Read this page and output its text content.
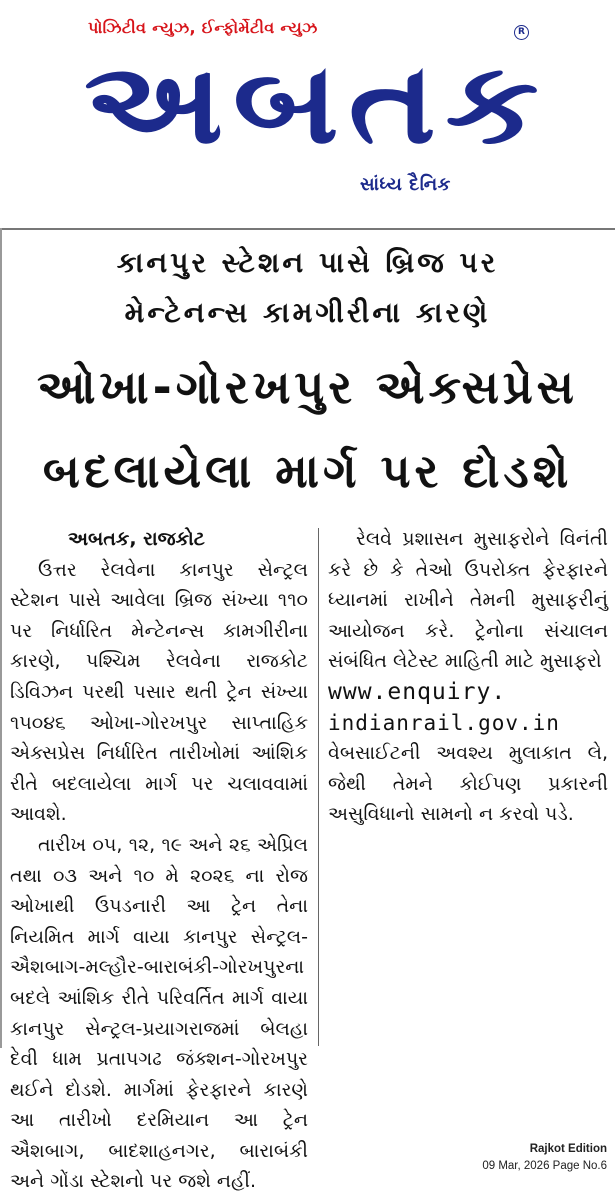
પોઝિટીવ ન્યુઝ, ઈન્ફોર્મેટીવ ન્યુઝ	R
અબતક
સાંધ્ય દૈનિક
કાનપુર સ્ટેશન પાસે બ્રિજ પર
મેન્ટેનન્સ કામગીરીના કારણે
ઓખા-ગોરખપુર એક્સપ્રેસ
બદલાયેલા માર્ગ પર દોડશે

અબતક, રાજકોટ

ઉત્તર રેલવેના કાનપુર સેન્ટ્રલ સ્ટેશન પાસે આવેલા બ્રિજ સંખ્યા ૧૧૦ પર નિર્ધારિત મેન્ટેનન્સ કામગીરીના કારણે, પશ્ચિમ રેલવેના રાજકોટ ડિવિઝન પરથી પસાર થતી ટ્રેન સંખ્યા ૧૫૦૪૬ ઓખા-ગોરખપુર સાપ્તાહિક એક્સપ્રેસ નિર્ધારિત તારીખોમાં આંશિક રીતે બદલાયેલા માર્ગ પર ચલાવવામાં આવશે.

તારીખ ૦૫, ૧૨, ૧૯ અને ૨૬ એપ્રિલ તથા ૦૩ અને ૧૦ મે ૨૦૨૬ ના રોજ ઓખાથી ઉપડનારી આ ટ્રેન તેના નિયમિત માર્ગ વાયા કાનપુર સેન્ટ્રલ-ઐશબાગ-મલ્હૌર-બારાબંકી-ગોરખપુરના બદલે આંશિક રીતે પરિવર્તિત માર્ગ વાયા કાનપુર સેન્ટ્રલ-પ્રયાગરાજમાં બેલહા દેવી ધામ પ્રતાપગઢ જંક્શન-ગોરખપુર થઈને દોડશે. માર્ગમાં ફેરફારને કારણે આ તારીખો દરમિયાન આ ટ્રેન ઐશબાગ, બાદશાહનગર, બારાબંકી અને ગોંડા સ્ટેશનો પર જશે નહીં.

રેલવે પ્રશાસન મુસાફરોને વિનંતી કરે છે કે તેઓ ઉપરોક્ત ફેરફારને ધ્યાનમાં રાખીને તેમની મુસાફરીનું આયોજન કરે. ટ્રેનોના સંચાલન સંબંધિત લેટેસ્ટ માહિતી માટે મુસાફરો

www.enquiry.

indianrail.gov.in

વેબસાઈટની અવશ્ય મુલાકાત લે, જેથી તેમને કોઈપણ પ્રકારની અસુવિધાનો સામનો ન કરવો પડે.

Rajkot Edition
09 Mar, 2026 Page No.6
